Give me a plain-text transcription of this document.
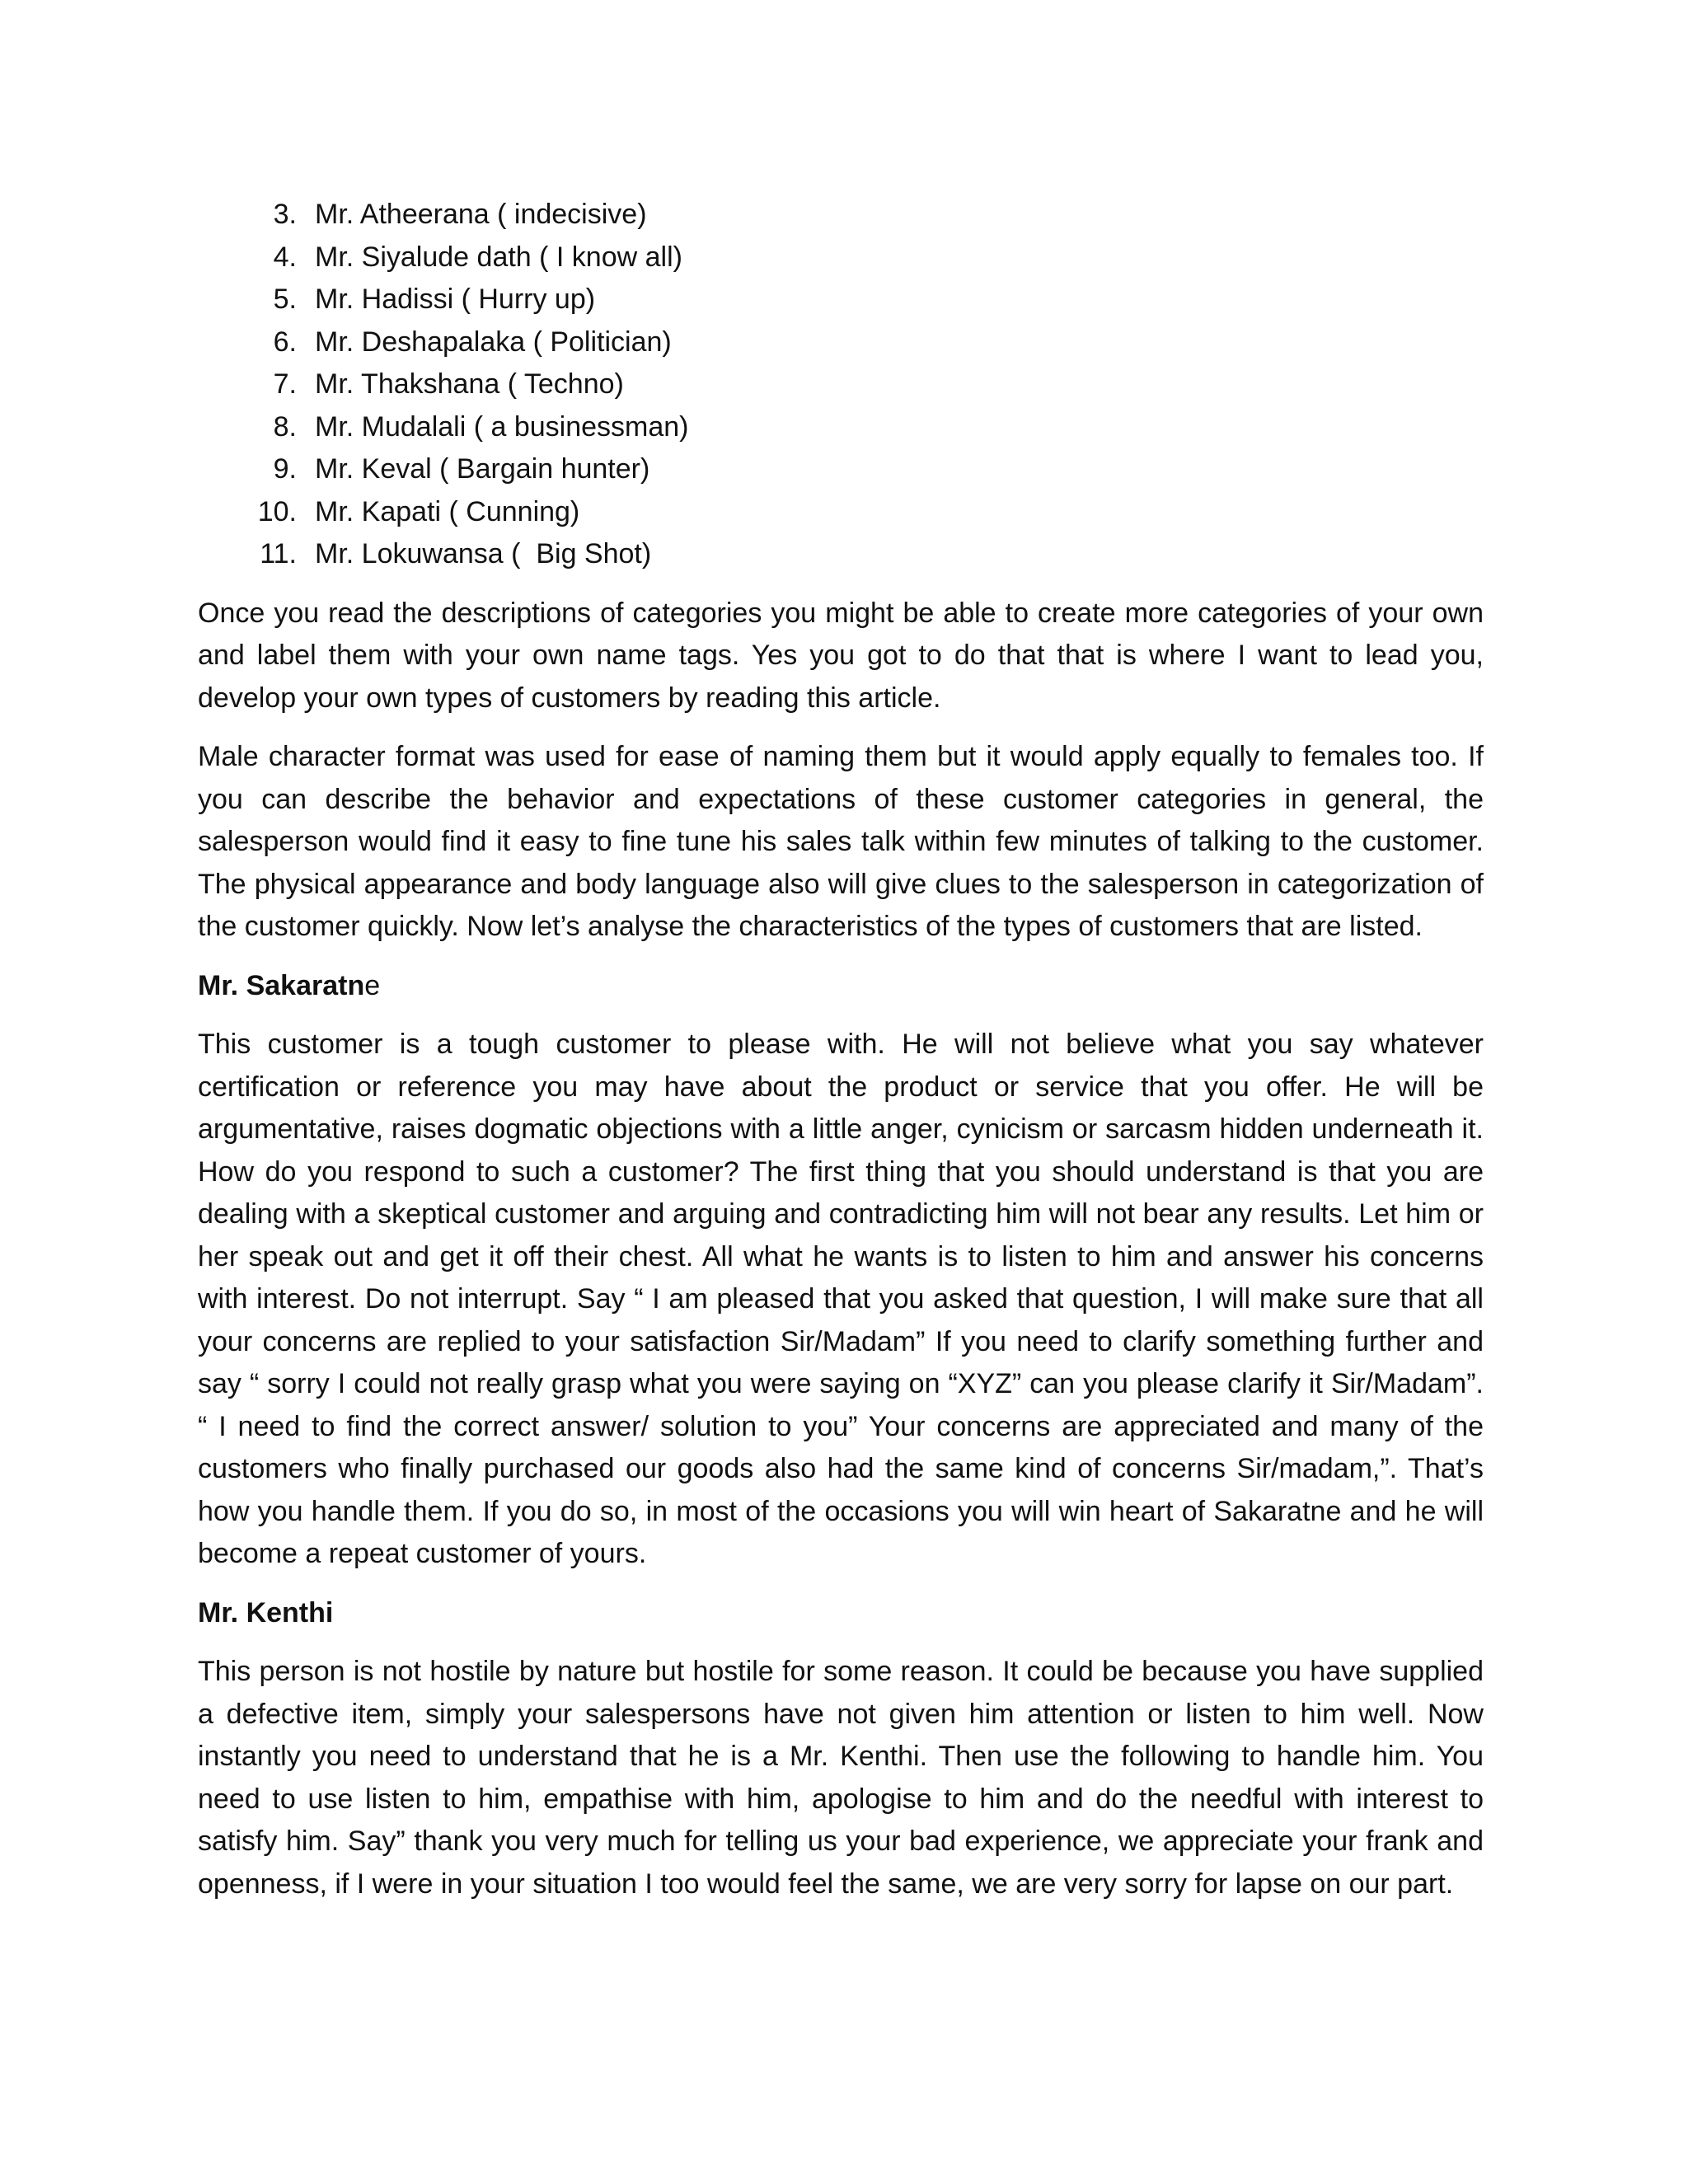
3. Mr. Atheerana ( indecisive)
4. Mr. Siyalude dath ( I know all)
5. Mr. Hadissi ( Hurry up)
6. Mr. Deshapalaka ( Politician)
7. Mr. Thakshana ( Techno)
8. Mr. Mudalali ( a businessman)
9. Mr. Keval ( Bargain hunter)
10. Mr. Kapati ( Cunning)
11. Mr. Lokuwansa (  Big Shot)

Once you read the descriptions of categories you might be able to create more categories of your own and label them with your own name tags. Yes you got to do that that is where I want to lead you, develop your own types of customers by reading this article.

Male character format was used for ease of naming them but it would apply equally to females too. If you can describe the behavior and expectations of these customer categories in general, the salesperson would find it easy to fine tune his sales talk within few minutes of talking to the customer. The physical appearance and body language also will give clues to the salesperson in categorization of the customer quickly. Now let’s analyse the characteristics of the types of customers that are listed.

Mr. Sakaratne

This customer is a tough customer to please with. He will not believe what you say whatever certification or reference you may have about the product or service that you offer. He will be argumentative, raises dogmatic objections with a little anger, cynicism or sarcasm hidden underneath it. How do you respond to such a customer? The first thing that you should understand is that you are dealing with a skeptical customer and arguing and contradicting him will not bear any results. Let him or her speak out and get it off their chest. All what he wants is to listen to him and answer his concerns with interest. Do not interrupt. Say “ I am pleased that you asked that question, I will make sure that all your concerns are replied to your satisfaction Sir/Madam” If you need to clarify something further and say “ sorry I could not really grasp what you were saying on “XYZ” can you please clarify it Sir/Madam”. “ I need to find the correct answer/ solution to you” Your concerns are appreciated and many of the customers who finally purchased our goods also had the same kind of concerns Sir/madam,”. That’s how you handle them. If you do so, in most of the occasions you will win heart of Sakaratne and he will become a repeat customer of yours.

Mr. Kenthi

This person is not hostile by nature but hostile for some reason. It could be because you have supplied a defective item, simply your salespersons have not given him attention or listen to him well. Now instantly you need to understand that he is a Mr. Kenthi. Then use the following to handle him. You need to use listen to him, empathise with him, apologise to him and do the needful with interest to satisfy him. Say” thank you very much for telling us your bad experience, we appreciate your frank and openness, if I were in your situation I too would feel the same, we are very sorry for lapse on our part.
